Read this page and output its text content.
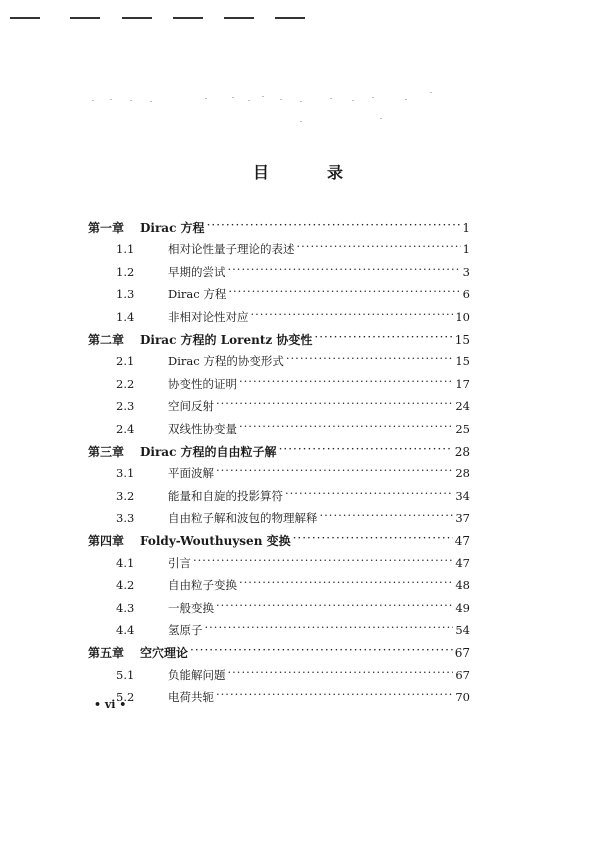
目	录
第一章	Dirac 方程 ·····	1
1.1	相对论性量子理论的表述 ·····	1
1.2	早期的尝试 ·····	3
1.3	Dirac 方程 ·····	6
1.4	非相对论性对应 ·····	10
第二章	Dirac 方程的 Lorentz 协变性 ·····	15
2.1	Dirac 方程的协变形式 ·····	15
2.2	协变性的证明 ·····	17
2.3	空间反射 ·····	24
2.4	双线性协变量 ·····	25
第三章	Dirac 方程的自由粒子解 ·····	28
3.1	平面波解 ·····	28
3.2	能量和自旋的投影算符 ·····	34
3.3	自由粒子解和波包的物理解释 ·····	37
第四章	Foldy-Wouthuysen 变换 ·····	47
4.1	引言 ·····	47
4.2	自由粒子变换 ·····	48
4.3	一般变换 ·····	49
4.4	氢原子 ·····	54
第五章	空穴理论 ·····	67
5.1	负能解问题 ·····	67
5.2	电荷共轭 ·····	70
• vi •
